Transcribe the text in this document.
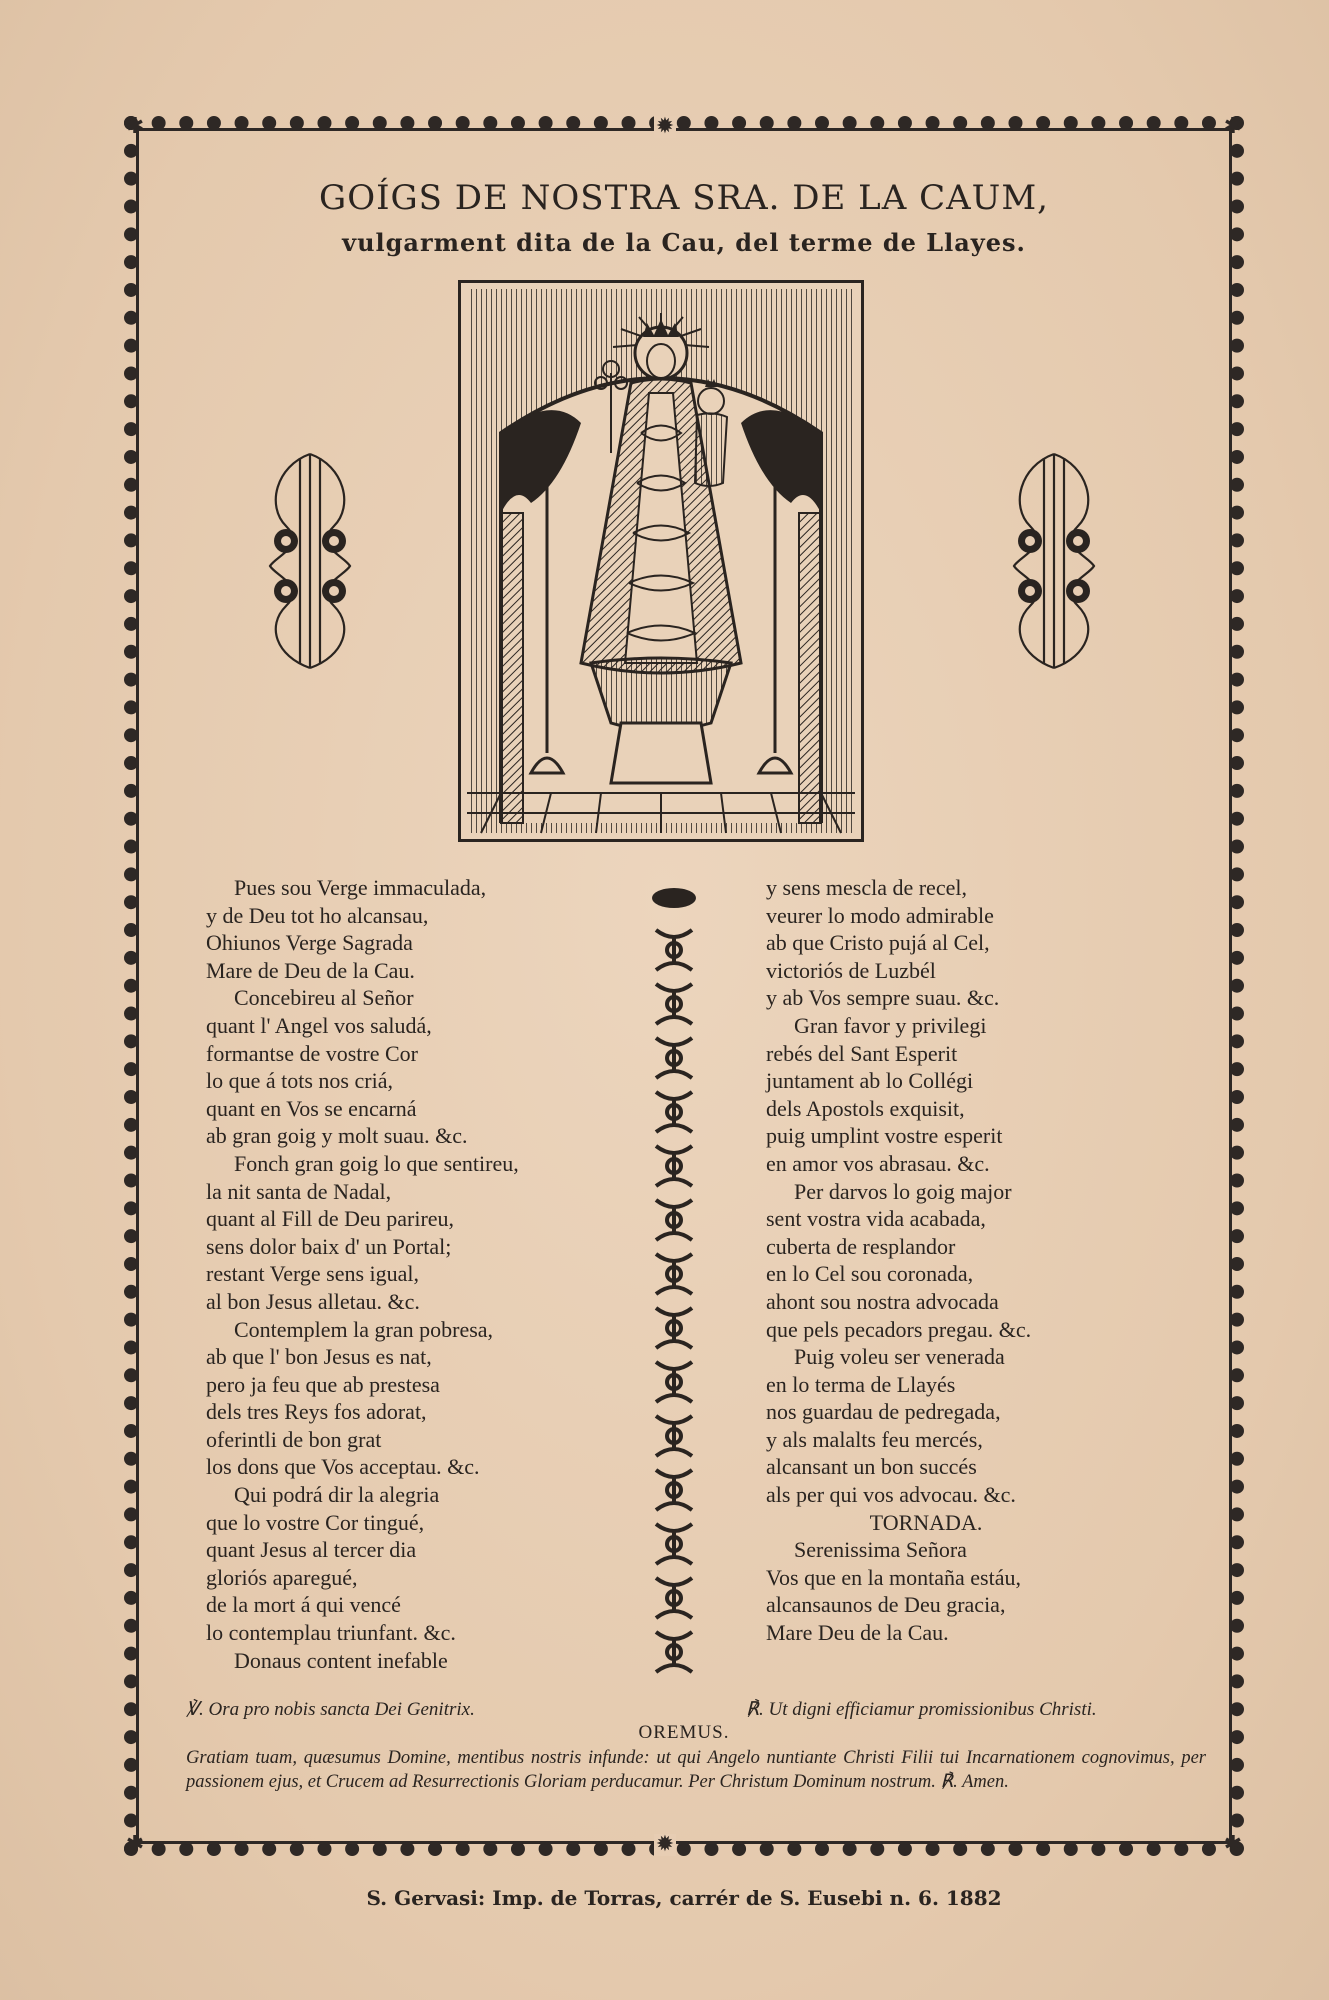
✱	✱
✱	✱
✹
✹
GOÍGS DE NOSTRA SRA. DE LA CAUM,
vulgarment dita de la Cau, del terme de Llayes.
Pues sou Verge immaculada,
y de Deu tot ho alcansau,
Ohiunos Verge Sagrada
Mare de Deu de la Cau.
Concebireu al Señor
quant l' Angel vos saludá,
formantse de vostre Cor
lo que á tots nos criá,
quant en Vos se encarná
ab gran goig y molt suau. &c.
Fonch gran goig lo que sentireu,
la nit santa de Nadal,
quant al Fill de Deu parireu,
sens dolor baix d' un Portal;
restant Verge sens igual,
al bon Jesus alletau. &c.
Contemplem la gran pobresa,
ab que l' bon Jesus es nat,
pero ja feu que ab prestesa
dels tres Reys fos adorat,
oferintli de bon grat
los dons que Vos acceptau. &c.
Qui podrá dir la alegria
que lo vostre Cor tingué,
quant Jesus al tercer dia
gloriós aparegué,
de la mort á qui vencé
lo contemplau triunfant. &c.
Donaus content inefable
y sens mescla de recel,
veurer lo modo admirable
ab que Cristo pujá al Cel,
victoriós de Luzbél
y ab Vos sempre suau. &c.
Gran favor y privilegi
rebés del Sant Esperit
juntament ab lo Collégi
dels Apostols exquisit,
puig umplint vostre esperit
en amor vos abrasau. &c.
Per darvos lo goig major
sent vostra vida acabada,
cuberta de resplandor
en lo Cel sou coronada,
ahont sou nostra advocada
que pels pecadors pregau. &c.
Puig voleu ser venerada
en lo terma de Llayés
nos guardau de pedregada,
y als malalts feu mercés,
alcansant un bon succés
als per qui vos advocau. &c.
TORNADA.
Serenissima Señora
Vos que en la montaña estáu,
alcansaunos de Deu gracia,
Mare Deu de la Cau.
℣. Ora pro nobis sancta Dei Genitrix.	℟. Ut digni efficiamur promissionibus Christi.
OREMUS.
Gratiam tuam, quæsumus Domine, mentibus nostris infunde: ut qui Angelo nuntiante Christi Filii tui Incarnationem cognovimus, per passionem ejus, et Crucem ad Resurrectionis Gloriam perducamur. Per Christum Dominum nostrum. ℟. Amen.
S. Gervasi: Imp. de Torras, carrér de S. Eusebi n. 6. 1882
